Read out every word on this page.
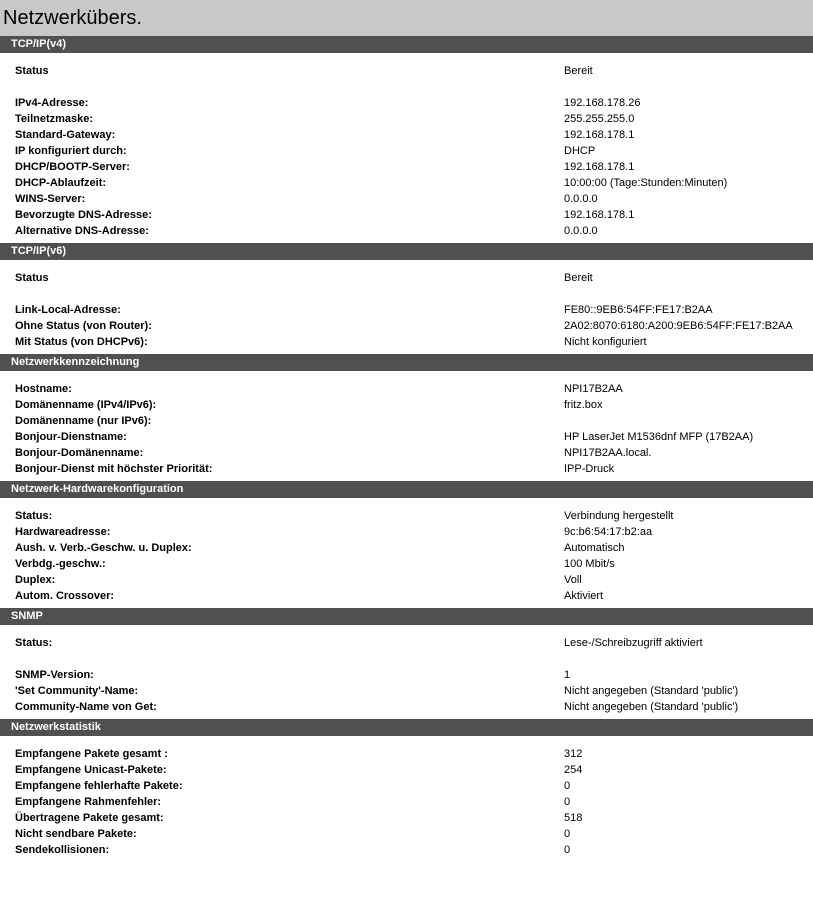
Netzwerkübers.
TCP/IP(v4)
Status	Bereit
IPv4-Adresse:	192.168.178.26
Teilnetzmaske:	255.255.255.0
Standard-Gateway:	192.168.178.1
IP konfiguriert durch:	DHCP
DHCP/BOOTP-Server:	192.168.178.1
DHCP-Ablaufzeit:	10:00:00 (Tage:Stunden:Minuten)
WINS-Server:	0.0.0.0
Bevorzugte DNS-Adresse:	192.168.178.1
Alternative DNS-Adresse:	0.0.0.0
TCP/IP(v6)
Status	Bereit
Link-Local-Adresse:	FE80::9EB6:54FF:FE17:B2AA
Ohne Status (von Router):	2A02:8070:6180:A200:9EB6:54FF:FE17:B2AA
Mit Status (von DHCPv6):	Nicht konfiguriert
Netzwerkkennzeichnung
Hostname:	NPI17B2AA
Domänenname (IPv4/IPv6):	fritz.box
Domänenname (nur IPv6):
Bonjour-Dienstname:	HP LaserJet M1536dnf MFP (17B2AA)
Bonjour-Domänenname:	NPI17B2AA.local.
Bonjour-Dienst mit höchster Priorität:	IPP-Druck
Netzwerk-Hardwarekonfiguration
Status:	Verbindung hergestellt
Hardwareadresse:	9c:b6:54:17:b2:aa
Aush. v. Verb.-Geschw. u. Duplex:	Automatisch
Verbdg.-geschw.:	100 Mbit/s
Duplex:	Voll
Autom. Crossover:	Aktiviert
SNMP
Status:	Lese-/Schreibzugriff aktiviert
SNMP-Version:	1
'Set Community'-Name:	Nicht angegeben (Standard 'public')
Community-Name von Get:	Nicht angegeben (Standard 'public')
Netzwerkstatistik
Empfangene Pakete gesamt :	312
Empfangene Unicast-Pakete:	254
Empfangene fehlerhafte Pakete:	0
Empfangene Rahmenfehler:	0
Übertragene Pakete gesamt:	518
Nicht sendbare Pakete:	0
Sendekollisionen:	0
